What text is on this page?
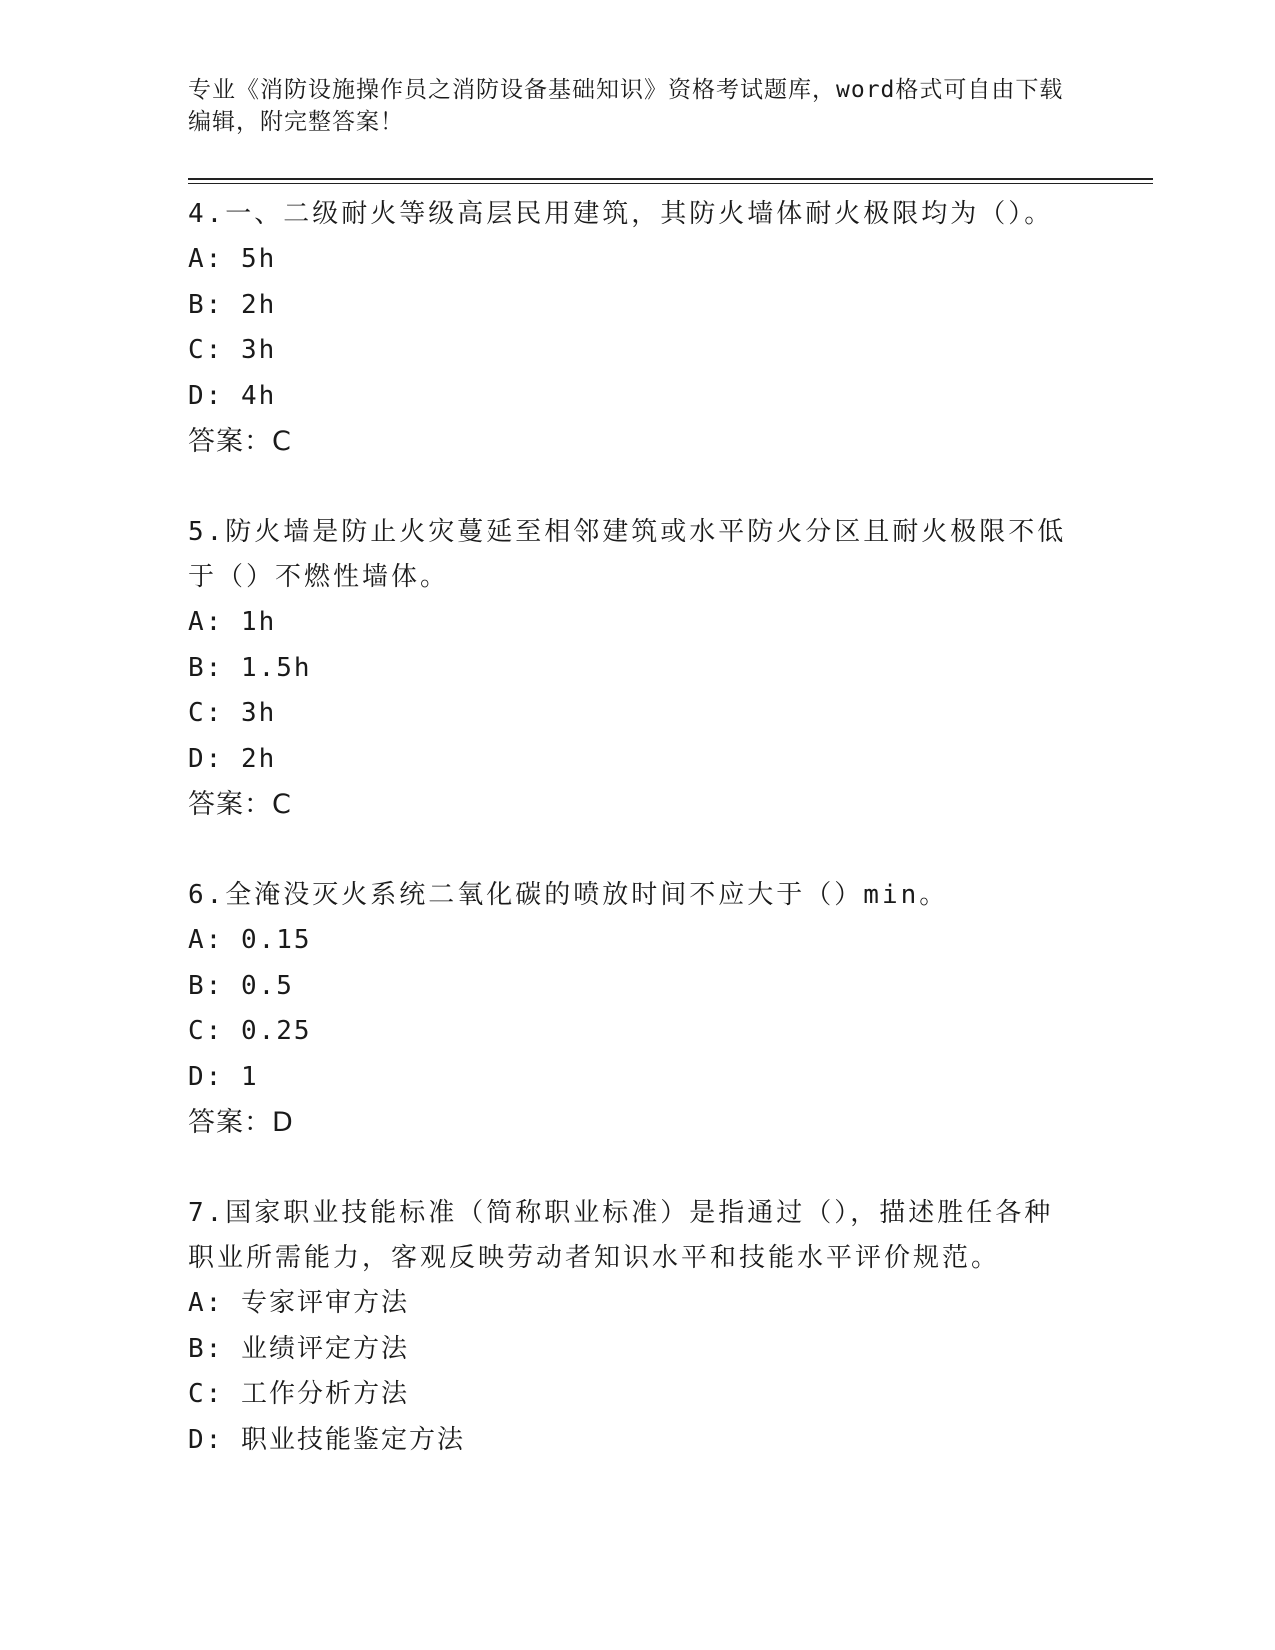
专业《消防设施操作员之消防设备基础知识》资格考试题库，word格式可自由下载编辑，附完整答案！
4.一、二级耐火等级高层民用建筑，其防火墙体耐火极限均为（）。
A: 5h
B: 2h
C: 3h
D: 4h
答案：C
5.防火墙是防止火灾蔓延至相邻建筑或水平防火分区且耐火极限不低于（）不燃性墙体。
A: 1h
B: 1.5h
C: 3h
D: 2h
答案：C
6.全淹没灭火系统二氧化碳的喷放时间不应大于（）min。
A: 0.15
B: 0.5
C: 0.25
D: 1
答案：D
7.国家职业技能标准（简称职业标准）是指通过（），描述胜任各种职业所需能力，客观反映劳动者知识水平和技能水平评价规范。
A: 专家评审方法
B: 业绩评定方法
C: 工作分析方法
D: 职业技能鉴定方法
